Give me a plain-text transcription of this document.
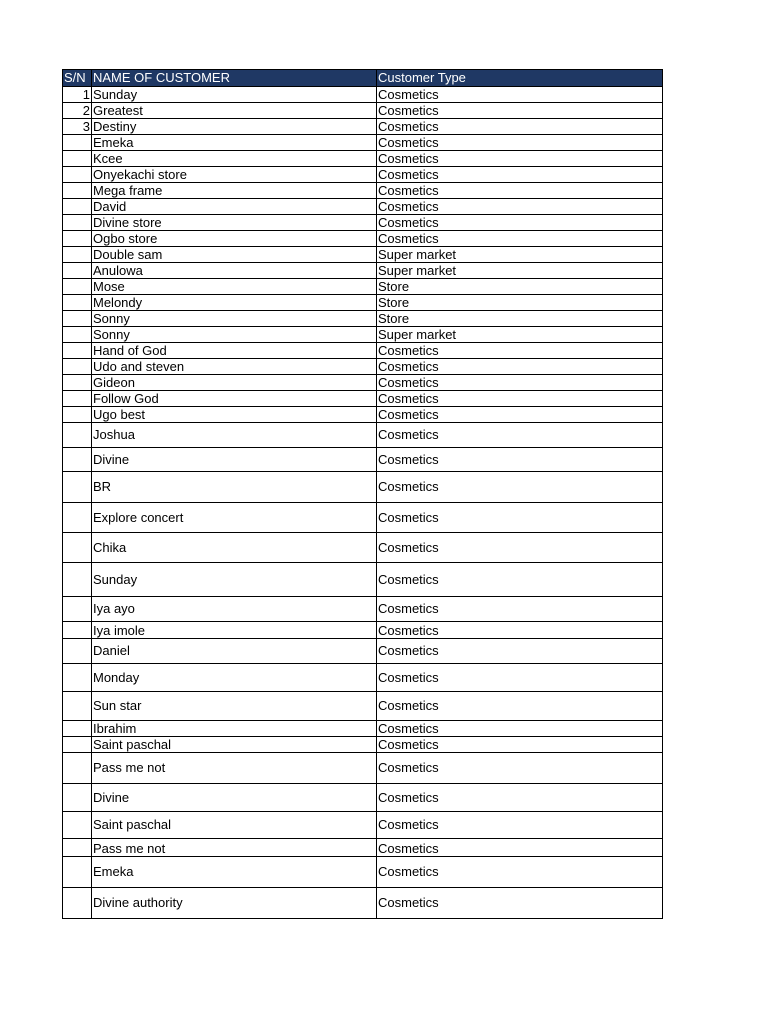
S/N	NAME OF CUSTOMER	Customer Type
1	Sunday	Cosmetics
2	Greatest	Cosmetics
3	Destiny	Cosmetics
	Emeka	Cosmetics
	Kcee	Cosmetics
	Onyekachi store	Cosmetics
	Mega frame	Cosmetics
	David	Cosmetics
	Divine store	Cosmetics
	Ogbo store	Cosmetics
	Double sam	Super market
	Anulowa	Super market
	Mose	Store
	Melondy	Store
	Sonny	Store
	Sonny	Super market
	Hand of God	Cosmetics
	Udo and steven	Cosmetics
	Gideon	Cosmetics
	Follow God	Cosmetics
	Ugo best	Cosmetics
	Joshua	Cosmetics
	Divine	Cosmetics
	BR	Cosmetics
	Explore concert	Cosmetics
	Chika	Cosmetics
	Sunday	Cosmetics
	Iya ayo	Cosmetics
	Iya imole	Cosmetics
	Daniel	Cosmetics
	Monday	Cosmetics
	Sun star	Cosmetics
	Ibrahim	Cosmetics
	Saint paschal	Cosmetics
	Pass me not	Cosmetics
	Divine	Cosmetics
	Saint paschal	Cosmetics
	Pass me not	Cosmetics
	Emeka	Cosmetics
	Divine authority	Cosmetics
